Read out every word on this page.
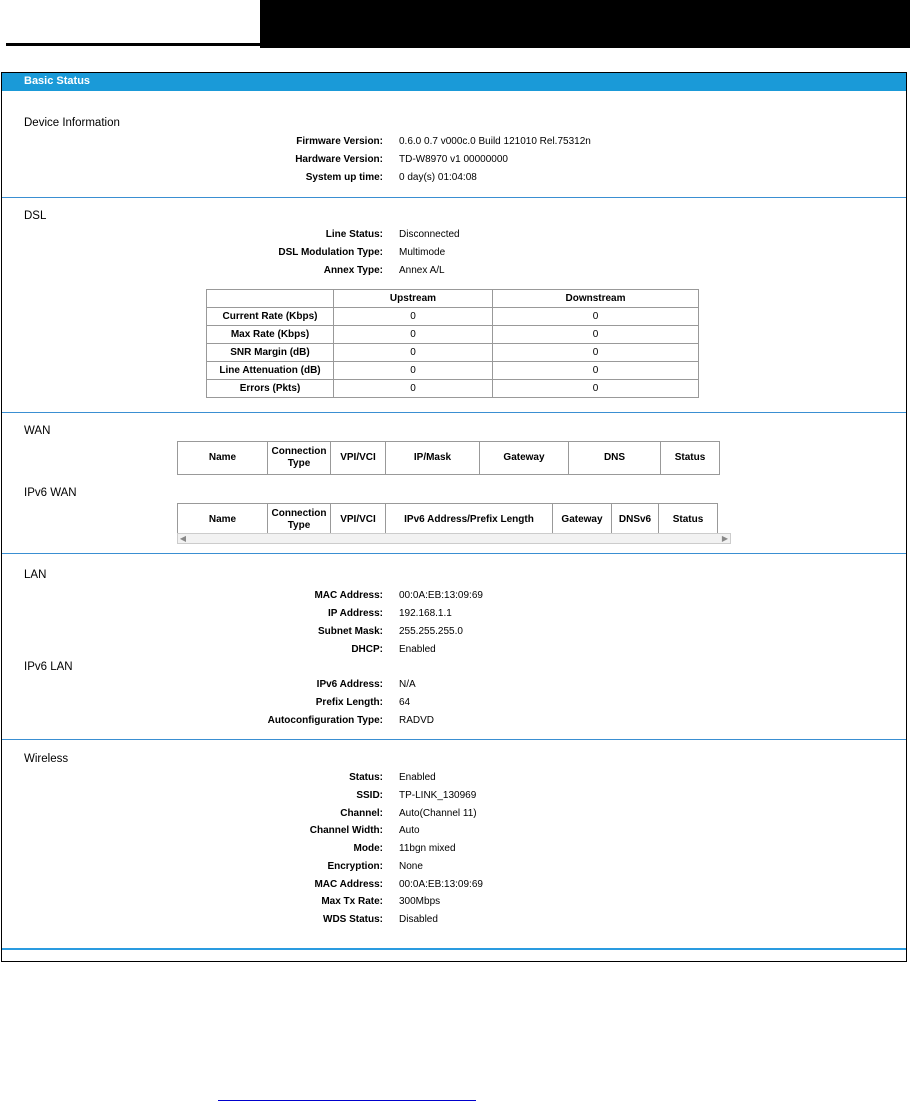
Basic Status
Device Information
Firmware Version: 0.6.0 0.7 v000c.0 Build 121010 Rel.75312n
Hardware Version: TD-W8970 v1 00000000
System up time: 0 day(s) 01:04:08
DSL
Line Status: Disconnected
DSL Modulation Type: Multimode
Annex Type: Annex A/L
	Upstream	Downstream
Current Rate (Kbps)	0	0
Max Rate (Kbps)	0	0
SNR Margin (dB)	0	0
Line Attenuation (dB)	0	0
Errors (Pkts)	0	0
WAN
Name	Connection Type	VPI/VCI	IP/Mask	Gateway	DNS	Status
IPv6 WAN
Name	Connection Type	VPI/VCI	IPv6 Address/Prefix Length	Gateway	DNSv6	Status
◀	▶
LAN
MAC Address: 00:0A:EB:13:09:69
IP Address: 192.168.1.1
Subnet Mask: 255.255.255.0
DHCP: Enabled
IPv6 LAN
IPv6 Address: N/A
Prefix Length: 64
Autoconfiguration Type: RADVD
Wireless
Status: Enabled
SSID: TP-LINK_130969
Channel: Auto(Channel 11)
Channel Width: Auto
Mode: 11bgn mixed
Encryption: None
MAC Address: 00:0A:EB:13:09:69
Max Tx Rate: 300Mbps
WDS Status: Disabled
